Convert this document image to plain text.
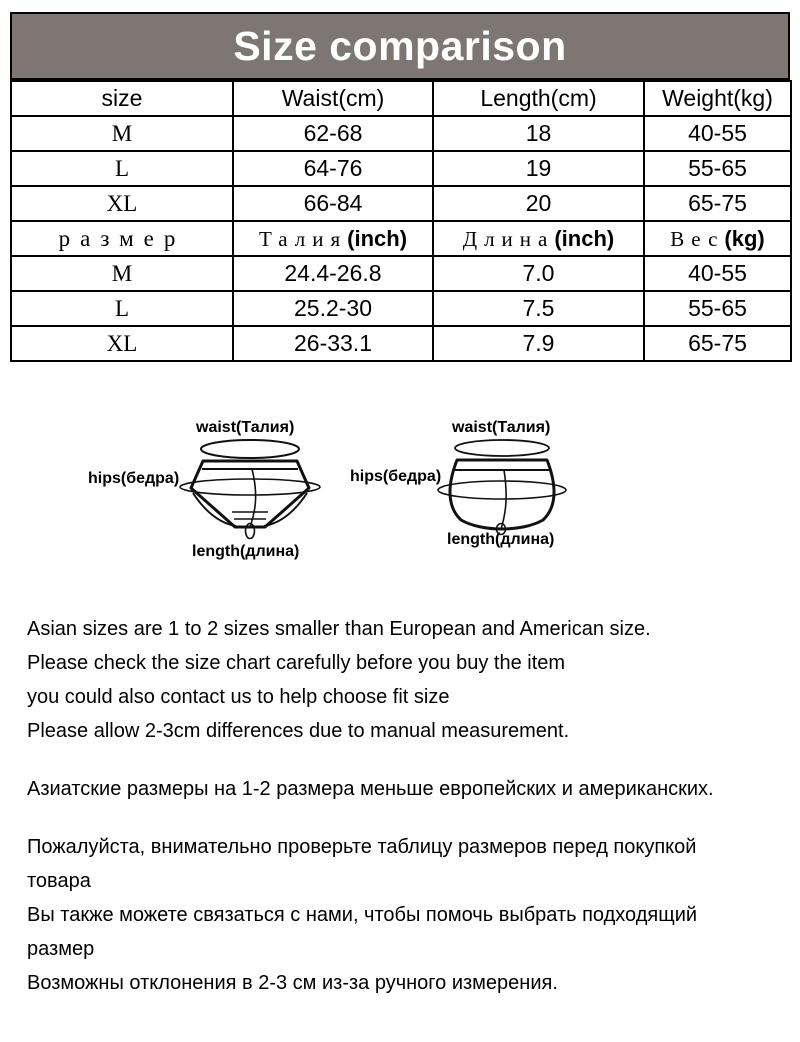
Size comparison
size	Waist(cm)	Length(cm)	Weight(kg)
M	62-68	18	40-55
L	64-76	19	55-65
XL	66-84	20	65-75
размер	Талия(inch)	Длина(inch)	Вес(kg)
M	24.4-26.8	7.0	40-55
L	25.2-30	7.5	55-65
XL	26-33.1	7.9	65-75
waist(Талия)
hips(бедра)
length(длина)
waist(Талия)
hips(бедра)
length(длина)
Asian sizes are 1 to 2 sizes smaller than European and American size.
Please check the size chart carefully before you buy the item
you could also contact us to help choose fit size
Please allow 2-3cm differences due to manual measurement.
Азиатские размеры на 1-2 размера меньше европейских и американских.
Пожалуйста, внимательно проверьте таблицу размеров перед покупкой
товара
Вы также можете связаться с нами, чтобы помочь выбрать подходящий
размер
Возможны отклонения в 2-3 см из-за ручного измерения.
